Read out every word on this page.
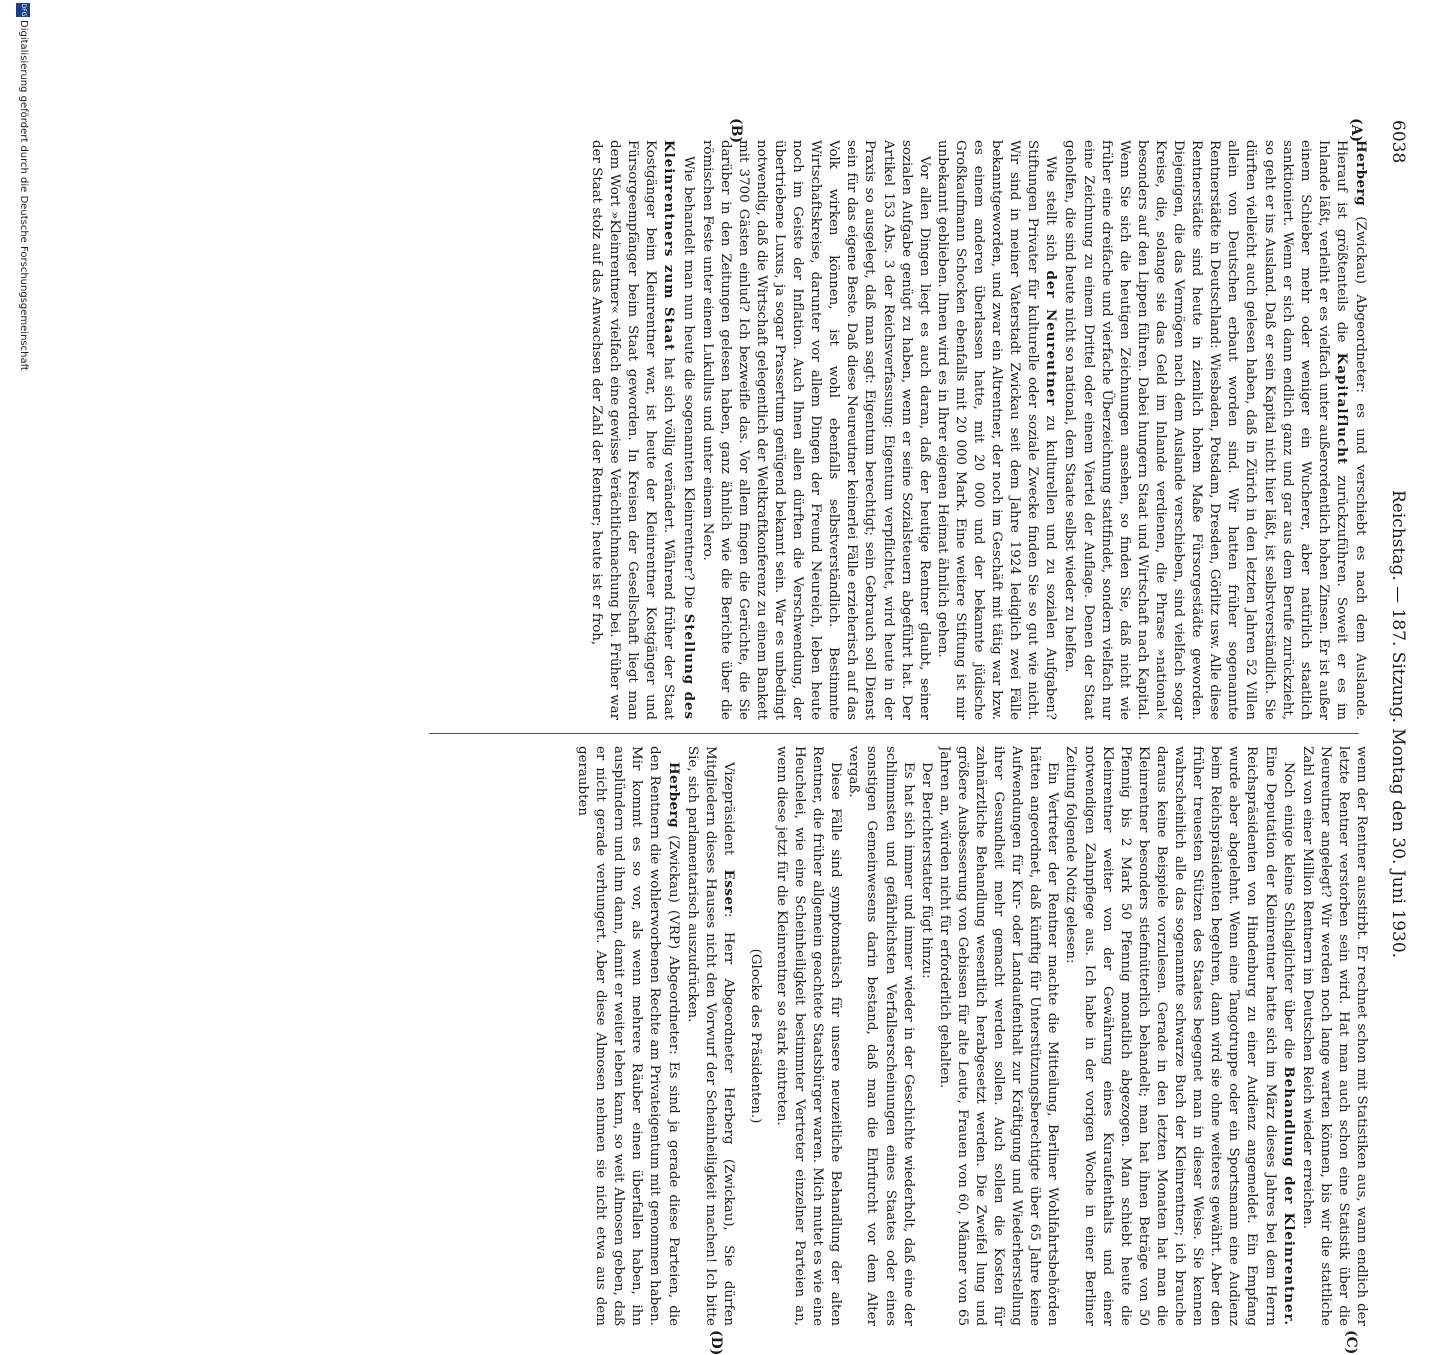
6038
Reichstag. — 187. Sitzung. Montag den 30. Juni 1930.
(A)
(B)
(C)
(D)

Herberg (Zwickau) Abgeordneter: es und verschiebt es nach dem Auslande. Hierauf ist größtenteils die Kapitalflucht zurückzuführen. Soweit er es im Inlande läßt, verleiht er es vielfach unter außerordentlich hohen Zinsen. Er ist außer einem Schieber mehr oder weniger ein Wucherer, aber natürlich staatlich sanktioniert. Wenn er sich dann endlich ganz und gar aus dem Berufe zurückzieht, so geht er ins Ausland. Daß er sein Kapital nicht hier läßt, ist selbstverständlich. Sie dürften vielleicht auch gelesen haben, daß in Zürich in den letzten Jahren 52 Villen allein von Deutschen erbaut worden sind. Wir hatten früher sogenannte Rentnerstädte in Deutschland: Wiesbaden, Potsdam, Dresden, Görlitz usw. Alle diese Rentnerstädte sind heute in ziemlich hohem Maße Fürsorgestädte geworden. Diejenigen, die das Vermögen nach dem Auslande verschieben, sind vielfach sogar Kreise, die, solange sie das Geld im Inlande verdienen, die Phrase »national« besonders auf den Lippen führen. Dabei hungern Staat und Wirtschaft nach Kapital. Wenn Sie sich die heutigen Zeichnungen ansehen, so finden Sie, daß nicht wie früher eine dreifache und vierfache Überzeichnung stattfindet, sondern vielfach nur eine Zeichnung zu einem Drittel oder einem Viertel der Auflage. Denen der Staat geholfen, die sind heute nicht so national, dem Staate selbst wieder zu helfen.

Wie stellt sich der Neureutner zu kulturellen und zu sozialen Aufgaben? Stiftungen Privater für kulturelle oder soziale Zwecke finden Sie so gut wie nicht. Wir sind in meiner Vaterstadt Zwickau seit dem Jahre 1924 lediglich zwei Fälle bekanntgeworden, und zwar ein Altrentner, der noch im Geschäft mit tätig war bzw. es einem anderen überlassen hatte, mit 20 000 und der bekannte jüdische Großkaufmann Schocken ebenfalls mit 20 000 Mark. Eine weitere Stiftung ist mir unbekannt geblieben. Ihnen wird es in Ihrer eigenen Heimat ähnlich gehen.

Vor allen Dingen liegt es auch daran, daß der heutige Rentner glaubt, seiner sozialen Aufgabe genügt zu haben, wenn er seine Sozialsteuern abgeführt hat. Der Artikel 153 Abs. 3 der Reichsverfassung: Eigentum verpflichtet, wird heute in der Praxis so ausgelegt, daß man sagt: Eigentum berechtigt; sein Gebrauch soll Dienst sein für das eigene Beste. Daß diese Neureutner keinerlei Fälle erzieherisch auf das Volk wirken können, ist wohl ebenfalls selbstverständlich. Bestimmte Wirtschaftskreise, darunter vor allem Dingen der Freund Neureich, leben heute noch im Geiste der Inflation. Auch Ihnen allen dürften die Verschwendung, der übertriebene Luxus, ja sogar Prassertum genügend bekannt sein. War es unbedingt notwendig, daß die Wirtschaft gelegentlich der Weltkraftkonferenz zu einem Bankett mit 3700 Gästen einlud? Ich bezweifle das. Vor allem fingen die Gerüchte, die Sie darüber in den Zeitungen gelesen haben, ganz ähnlich wie die Berichte über die römischen Feste unter einem Lukullus und unter einem Nero.

Wie behandelt man nun heute die sogenannten Kleinrentner? Die Stellung des Kleinrentners zum Staat hat sich völlig verändert. Während früher der Staat Kostgänger beim Kleinrentner war, ist heute der Kleinrentner Kostgänger und Fürsorgeempfänger beim Staat geworden. In Kreisen der Gesellschaft liegt man dem Wort »Kleinrentner« vielfach eine gewisse Verächtlichmachung bei. Früher war der Staat stolz auf das Anwachsen der Zahl der Rentner; heute ist er froh,

wenn der Rentner ausstirbt. Er rechnet schon mit Statistiken aus, wann endlich der letzte Rentner verstorben sein wird. Hat man auch schon eine Statistik über die Neureutner angelegt? Wir werden noch lange warten können, bis wir die stattliche Zahl von einer Million Rentnern im Deutschen Reich wieder erreichen.

Noch einige kleine Schlaglichter über die Behandlung der Kleinrentner. Eine Deputation der Kleinrentner hatte sich im März dieses Jahres bei dem Herrn Reichspräsidenten von Hindenburg zu einer Audienz angemeldet. Ein Empfang wurde aber abgelehnt. Wenn eine Tangotruppe oder ein Sportsmann eine Audienz beim Reichspräsidenten begehren, dann wird sie ohne weiteres gewährt. Aber den früher treuesten Stützen des Staates begegnet man in dieser Weise. Sie kennen wahrscheinlich alle das sogenannte schwarze Buch der Kleinrentner; ich brauche daraus keine Beispiele vorzulesen. Gerade in den letzten Monaten hat man die Kleinrentner besonders stiefmütterlich behandelt; man hat ihnen Beträge von 50 Pfennig bis 2 Mark 50 Pfennig monatlich abgezogen. Man schiebt heute die Kleinrentner weiter von der Gewährung eines Kuraufenthalts und einer notwendigen Zahnpflege aus. Ich habe in der vorigen Woche in einer Berliner Zeitung folgende Notiz gelesen:

Ein Vertreter der Rentner machte die Mitteilung, Berliner Wohlfahrtsbehörden hätten angeordnet, daß künftig für Unterstützungsberechtigte über 65 Jahre keine Aufwendungen für Kur- oder Landaufenthalt zur Kräftigung und Wiederherstellung ihrer Gesundheit mehr gemacht werden sollen. Auch sollen die Kosten für zahnärztliche Behandlung wesentlich herabgesetzt werden. Die Zweifel lung und größere Ausbesserung von Gebissen für alte Leute, Frauen von 60, Männer von 65 Jahren an, würden nicht für erforderlich gehalten.

Der Berichterstatter fügt hinzu:

Es hat sich immer und immer wieder in der Geschichte wiederholt, daß eine der schlimmsten und gefährlichsten Verfallserscheinungen eines Staates oder eines sonstigen Gemeinwesens darin bestand, daß man die Ehrfurcht vor dem Alter vergaß.

Diese Fälle sind symptomatisch für unsere neuzeitliche Behandlung der alten Rentner, die früher allgemein geachtete Staatsbürger waren. Mich mutet es wie eine Heuchelei, wie eine Scheinheiligkeit bestimmter Vertreter einzelner Parteien an, wenn diese jetzt für die Kleinrentner so stark eintreten.

(Glocke des Präsidenten.)

Vizepräsident Esser: Herr Abgeordneter Herberg (Zwickau), Sie dürfen Mitgliedern dieses Hauses nicht den Vorwurf der Scheinheiligkeit machen! Ich bitte Sie, sich parlamentarisch auszudrücken.

Herberg (Zwickau) (VRP) Abgeordneter: Es sind ja gerade diese Parteien, die den Rentnern die wohlerworbenen Rechte am Privateigentum mit genommen haben. Mir kommt es so vor, als wenn mehrere Räuber einen überfallen haben, ihn ausplündern und ihm dann, damit er weiter leben kann, so weit Almosen geben, daß er nicht gerade verhungert. Aber diese Almosen nehmen sie nicht etwa aus dem geraubten

DFG
Digitalisierung gefördert durch die Deutsche Forschungsgemeinschaft
